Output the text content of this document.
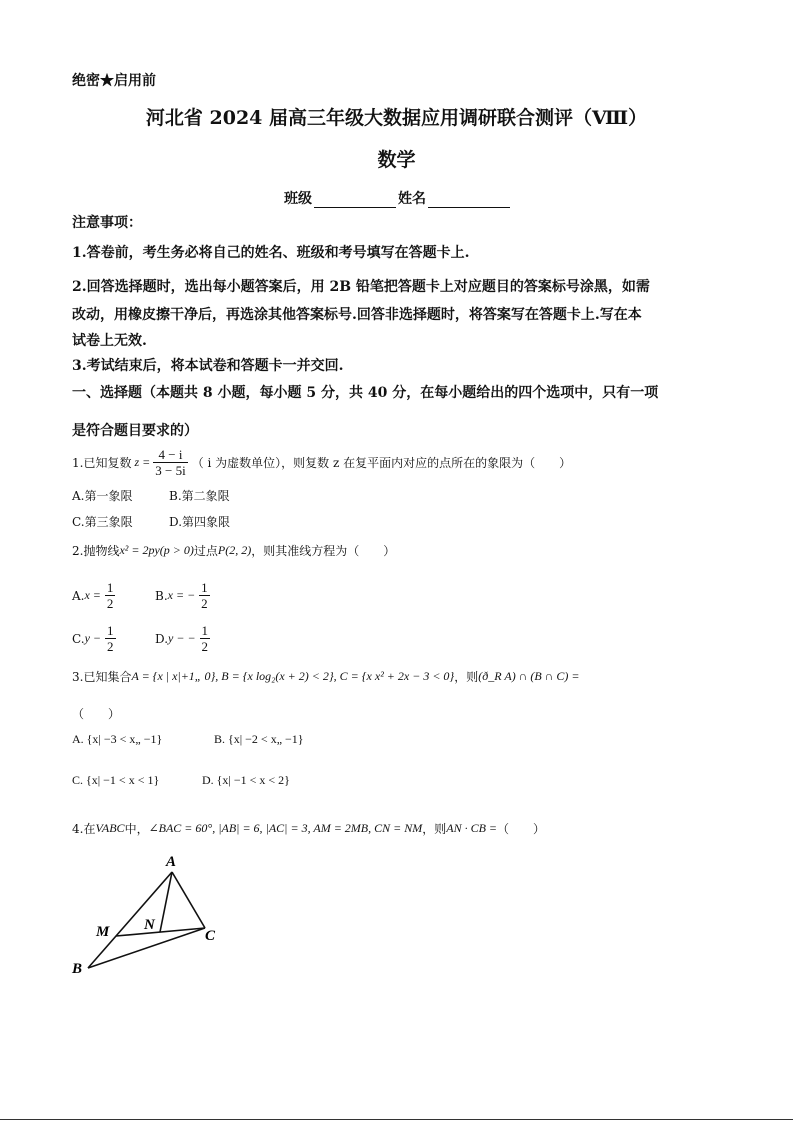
绝密★启用前
河北省 2024 届高三年级大数据应用调研联合测评（Ⅷ）
数学
班级	姓名
注意事项：
1.答卷前，考生务必将自己的姓名、班级和考号填写在答题卡上.
2.回答选择题时，选出每小题答案后，用 2B 铅笔把答题卡上对应题目的答案标号涂黑，如需
改动，用橡皮擦干净后，再选涂其他答案标号.回答非选择题时，将答案写在答题卡上.写在本
试卷上无效.
3.考试结束后，将本试卷和答题卡一并交回.
一、选择题（本题共 8 小题，每小题 5 分，共 40 分，在每小题给出的四个选项中，只有一项
是符合题目要求的）
1.已知复数 $z = \frac{4 - i}{3 - 5i}$ （ i 为虚数单位），则复数 z 在复平面内对应的点所在的象限为（　　）
A.第一象限	B.第二象限
C.第三象限	D.第四象限
2.抛物线 x² = 2py(p > 0) 过点 P(2, 2) ，则其准线方程为（　　）
A. $x = \frac{1}{2}$	B. x = − $\frac{1}{2}$
C. $y - \frac{1}{2}$	D. y − − $\frac{1}{2}$
3.已知集合 A = {x | x|+1„ 0}, B = {x log₂(x + 2) < 2}, C = {x x² + 2x − 3 < 0} ，则 (ð_R A) ∩ (B ∩ C) =
（　　）
A. {x| −3 < x„ −1}	B. {x| −2 < x„ −1}
C. {x| −1 < x < 1}	D. {x| −1 < x < 2}
4.在 VABC 中， ∠BAC = 60°, |AB| = 6, |AC| = 3, AM = 2MB, CN = NM ，则 AN · CB = （　　）
A
B
C
M N
